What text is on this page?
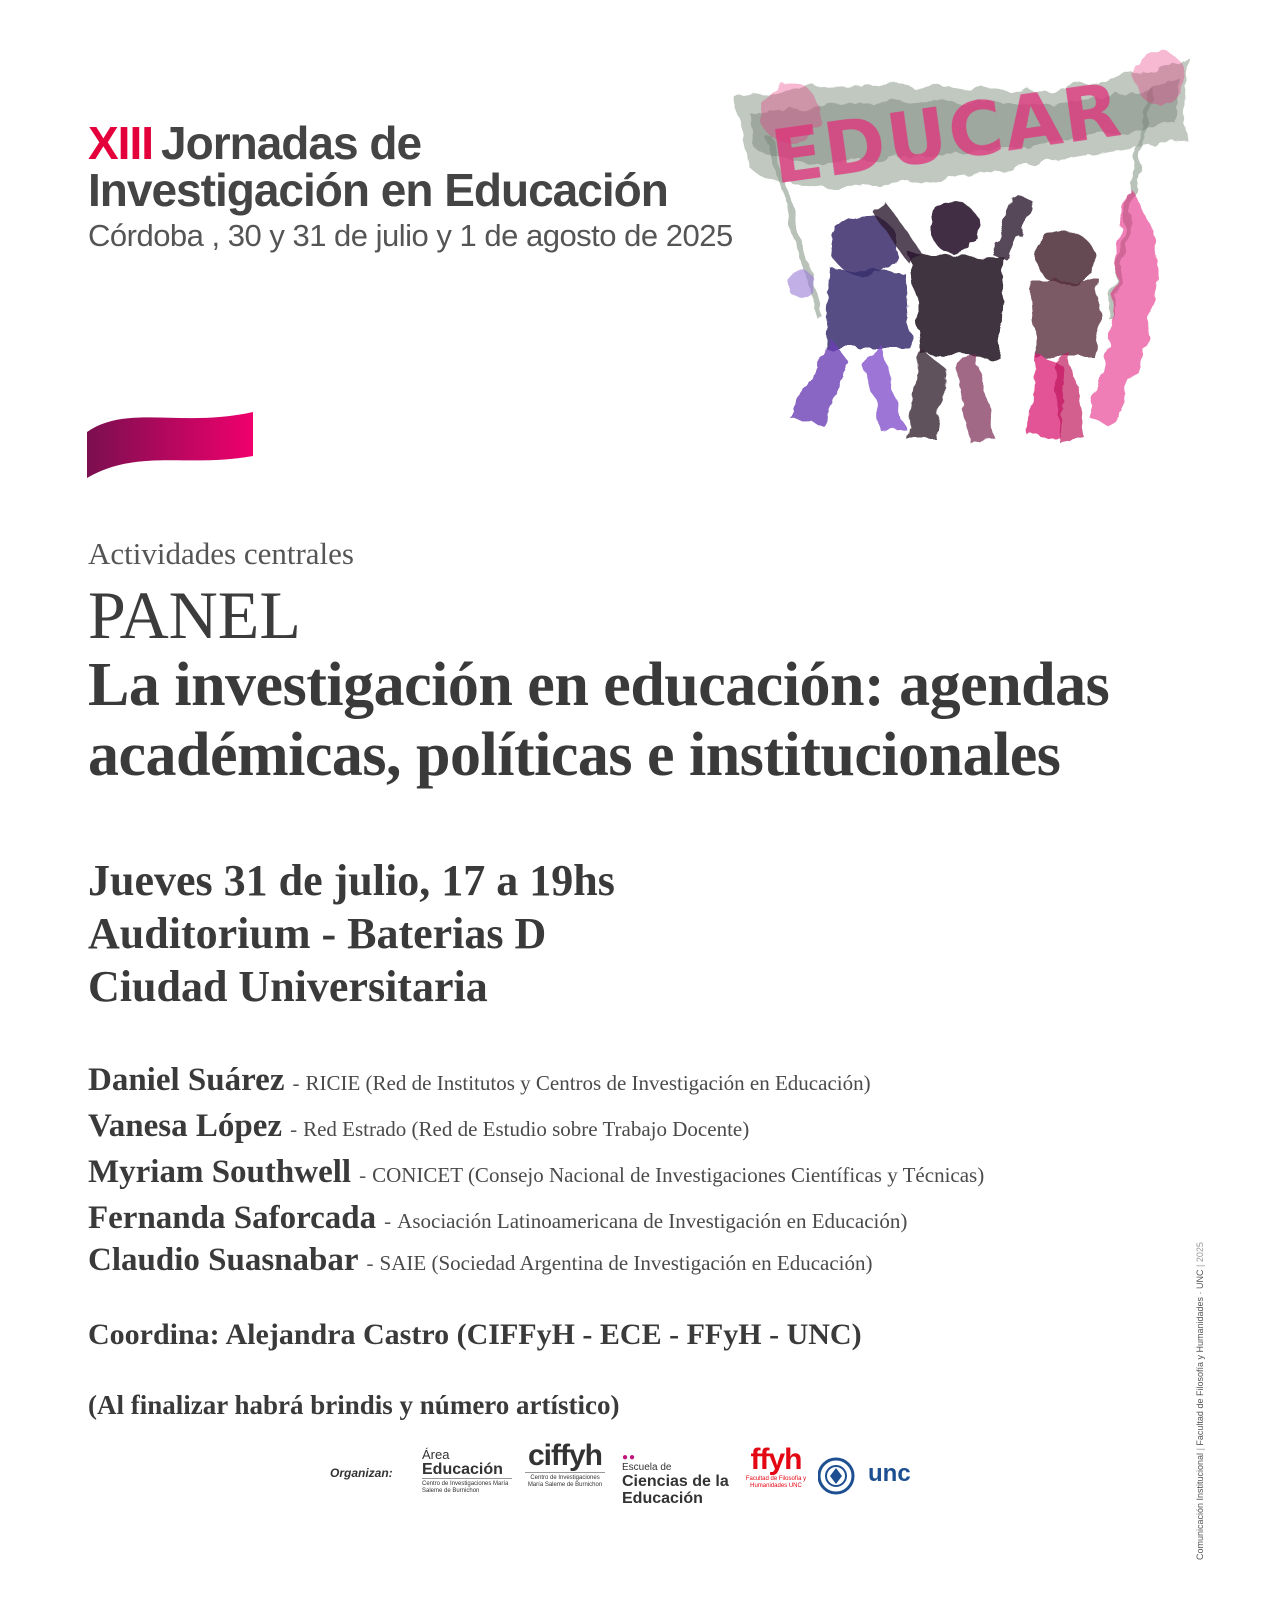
XIII Jornadas de
Investigación en Educación
Córdoba , 30 y 31 de julio y 1 de agosto de 2025
EDUCAR
Actividades centrales
PANEL
La investigación en educación: agendas
académicas, políticas e institucionales
Jueves 31 de julio, 17 a 19hs
Auditorium - Baterias D
Ciudad Universitaria
Daniel Suárez - RICIE (Red de Institutos y Centros de Investigación en Educación)
Vanesa López - Red Estrado (Red de Estudio sobre Trabajo Docente)
Myriam Southwell - CONICET (Consejo Nacional de Investigaciones Científicas y Técnicas)
Fernanda Saforcada - Asociación Latinoamericana de Investigación en Educación)
Claudio Suasnabar - SAIE (Sociedad Argentina de Investigación en Educación)
Coordina: Alejandra Castro (CIFFyH - ECE - FFyH - UNC)
(Al finalizar habrá brindis y número artístico)
Organizan:
Área
Educación
Centro de Investigaciones María Saleme de Burnichon
ciffyh
Centro de Investigaciones María Saleme de Burnichon
●●
Escuela de
Ciencias de la Educación
ffyh
Facultad de Filosofía y Humanidades UNC	unc	Comunicación Institucional | Facultad de Filosofía y Humanidades · UNC | 2025
